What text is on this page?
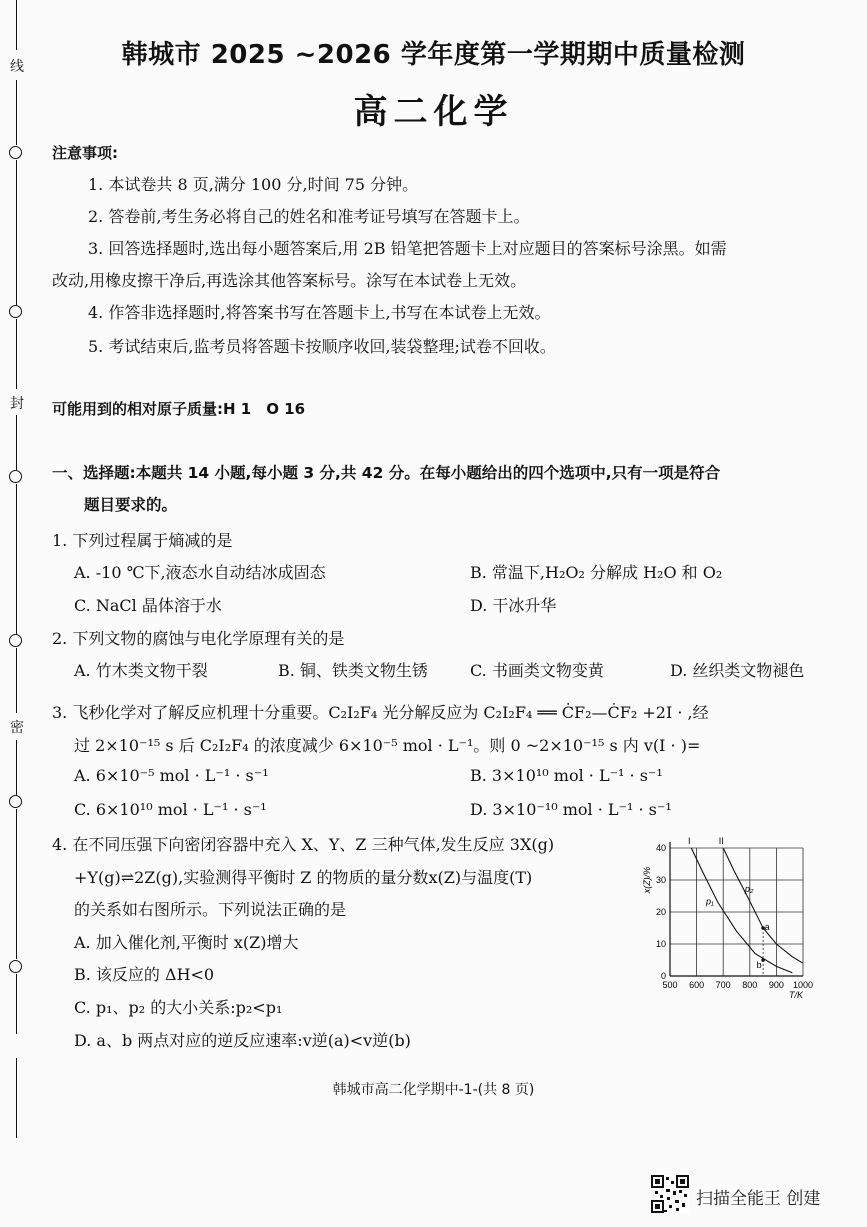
线
封
密
韩城市 2025 ~2026 学年度第一学期期中质量检测
高二化学
注意事项:
1. 本试卷共 8 页,满分 100 分,时间 75 分钟。
2. 答卷前,考生务必将自己的姓名和准考证号填写在答题卡上。
3. 回答选择题时,选出每小题答案后,用 2B 铅笔把答题卡上对应题目的答案标号涂黑。如需
改动,用橡皮擦干净后,再选涂其他答案标号。涂写在本试卷上无效。
4. 作答非选择题时,将答案书写在答题卡上,书写在本试卷上无效。
5. 考试结束后,监考员将答题卡按顺序收回,装袋整理;试卷不回收。
可能用到的相对原子质量:H 1　O 16
一、选择题:本题共 14 小题,每小题 3 分,共 42 分。在每小题给出的四个选项中,只有一项是符合
题目要求的。
1. 下列过程属于熵减的是
A. -10 ℃下,液态水自动结冰成固态	B. 常温下,H₂O₂ 分解成 H₂O 和 O₂
C. NaCl 晶体溶于水	D. 干冰升华
2. 下列文物的腐蚀与电化学原理有关的是
A. 竹木类文物干裂	B. 铜、铁类文物生锈	C. 书画类文物变黄	D. 丝织类文物褪色
3. 飞秒化学对了解反应机理十分重要。C₂I₂F₄ 光分解反应为 C₂I₂F₄ ══ ĊF₂—ĊF₂ +2I · ,经
过 2×10⁻¹⁵ s 后 C₂I₂F₄ 的浓度减少 6×10⁻⁵ mol · L⁻¹。则 0 ~2×10⁻¹⁵ s 内 v(I · )=
A. 6×10⁻⁵ mol · L⁻¹ · s⁻¹	B. 3×10¹⁰ mol · L⁻¹ · s⁻¹
C. 6×10¹⁰ mol · L⁻¹ · s⁻¹	D. 3×10⁻¹⁰ mol · L⁻¹ · s⁻¹
4. 在不同压强下向密闭容器中充入 X、Y、Z 三种气体,发生反应 3X(g)
+Y(g)⇌2Z(g),实验测得平衡时 Z 的物质的量分数x(Z)与温度(T)
的关系如右图所示。下列说法正确的是
A. 加入催化剂,平衡时 x(Z)增大
B. 该反应的 ΔH<0
C. p₁、p₂ 的大小关系:p₂<p₁
D. a、b 两点对应的逆反应速率:v逆(a)<v逆(b)
500 600 700 800 900 1000
0
10
20
30
40
x(Z)/%
T/K
I
p₁
II
p₂
a
b
韩城市高二化学期中-1-(共 8 页)
扫描全能王 创建
